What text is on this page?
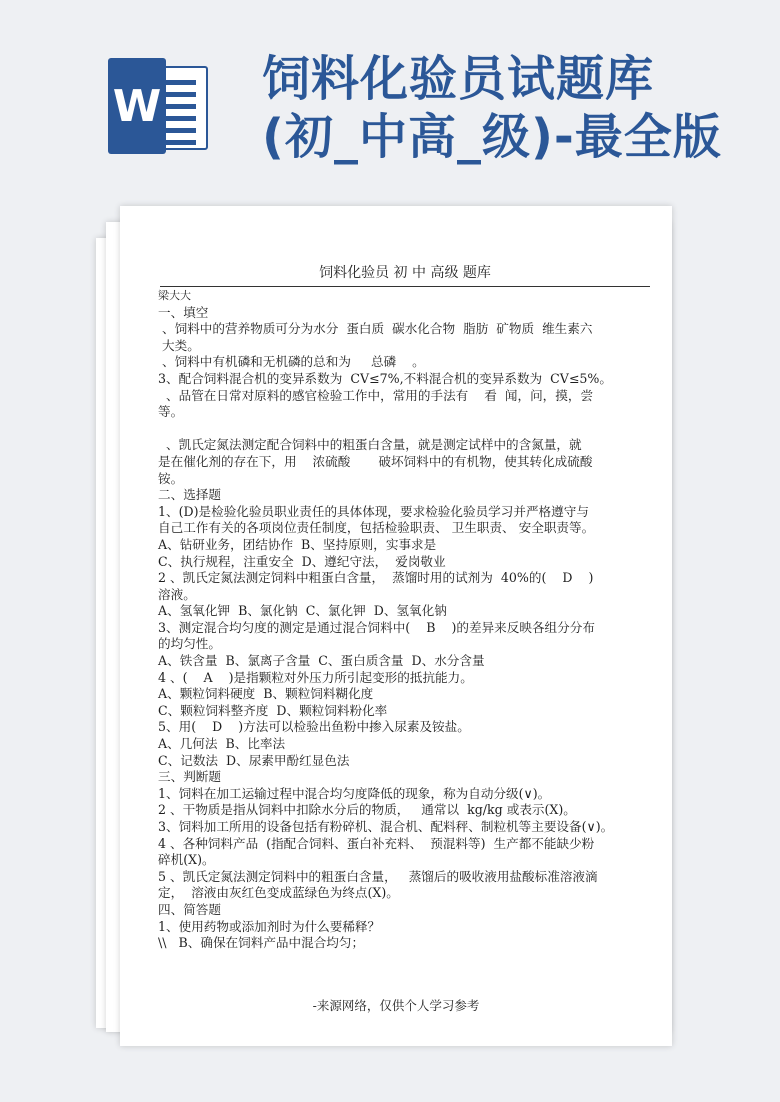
W 饲料化验员试题库
(初_中高_级)-最全版
饲料化验员 初 中 高级 题库
梁大大
一、填空
、饲料中的营养物质可分为水分  蛋白质  碳水化合物  脂肪  矿物质  维生素六
大类。
、饲料中有机磷和无机磷的总和为     总磷    。
3、配合饲料混合机的变异系数为  CV≤7%,不料混合机的变异系数为  CV≤5%。
、品管在日常对原料的感官检验工作中，常用的手法有    看  闻，问，摸，尝
等。

、凯氏定氮法测定配合饲料中的粗蛋白含量，就是测定试样中的含氮量，就
是在催化剂的存在下，用    浓硫酸       破坏饲料中的有机物，使其转化成硫酸
铵。
二、选择题
1、(D)是检验化验员职业责任的具体体现，要求检验化验员学习并严格遵守与
自己工作有关的各项岗位责任制度，包括检验职责、 卫生职责、 安全职责等。
A、钻研业务，团结协作  B、坚持原则，实事求是
C、执行规程，注重安全  D、遵纪守法，  爱岗敬业
2 、凯氏定氮法测定饲料中粗蛋白含量，  蒸馏时用的试剂为  40%的(    D    )
溶液。
A、氢氧化钾  B、氯化钠  C、氯化钾  D、氢氧化钠
3、测定混合均匀度的测定是通过混合饲料中(    B    )的差异来反映各组分分布
的均匀性。
A、铁含量  B、氯离子含量  C、蛋白质含量  D、水分含量
4 、(    A    )是指颗粒对外压力所引起变形的抵抗能力。
A、颗粒饲料硬度  B、颗粒饲料糊化度
C、颗粒饲料整齐度  D、颗粒饲料粉化率
5、用(    D    )方法可以检验出鱼粉中掺入尿素及铵盐。
A、几何法  B、比率法
C、记数法  D、尿素甲酚红显色法
三、判断题
1、饲料在加工运输过程中混合均匀度降低的现象，称为自动分级(∨)。
2 、干物质是指从饲料中扣除水分后的物质，   通常以  kg/kg 或表示(X)。
3、饲料加工所用的设备包括有粉碎机、混合机、配料秤、制粒机等主要设备(∨)。
4 、各种饲料产品  (指配合饲料、蛋白补充料、  预混料等)  生产都不能缺少粉
碎机(X)。
5 、凯氏定氮法测定饲料中的粗蛋白含量，   蒸馏后的吸收液用盐酸标准溶液滴
定，  溶液由灰红色变成蓝绿色为终点(X)。
四、简答题
1、使用药物或添加剂时为什么要稀释？
\\   B、确保在饲料产品中混合均匀；
-来源网络，仅供个人学习参考
